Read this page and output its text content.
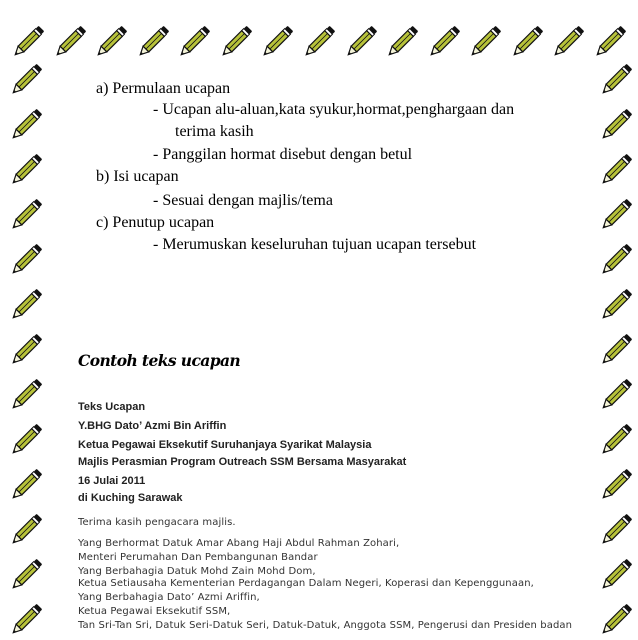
a) Permulaan ucapan
- Ucapan alu-aluan,kata syukur,hormat,penghargaan dan
terima kasih
- Panggilan hormat disebut dengan betul
b) Isi ucapan
- Sesuai dengan majlis/tema
c) Penutup ucapan
- Merumuskan keseluruhan tujuan ucapan tersebut
Contoh teks ucapan
Teks Ucapan
Y.BHG Dato’ Azmi Bin Ariffin
Ketua Pegawai Eksekutif Suruhanjaya Syarikat Malaysia
Majlis Perasmian Program Outreach SSM Bersama Masyarakat
16 Julai 2011
di Kuching Sarawak
Terima kasih pengacara majlis.
Yang Berhormat Datuk Amar Abang Haji Abdul Rahman Zohari,
Menteri Perumahan Dan Pembangunan Bandar
Yang Berbahagia Datuk Mohd Zain Mohd Dom,
Ketua Setiausaha Kementerian Perdagangan Dalam Negeri, Koperasi dan Kepenggunaan,
Yang Berbahagia Dato’ Azmi Ariffin,
Ketua Pegawai Eksekutif SSM,
Tan Sri-Tan Sri, Datuk Seri-Datuk Seri, Datuk-Datuk, Anggota SSM, Pengerusi dan Presiden badan
